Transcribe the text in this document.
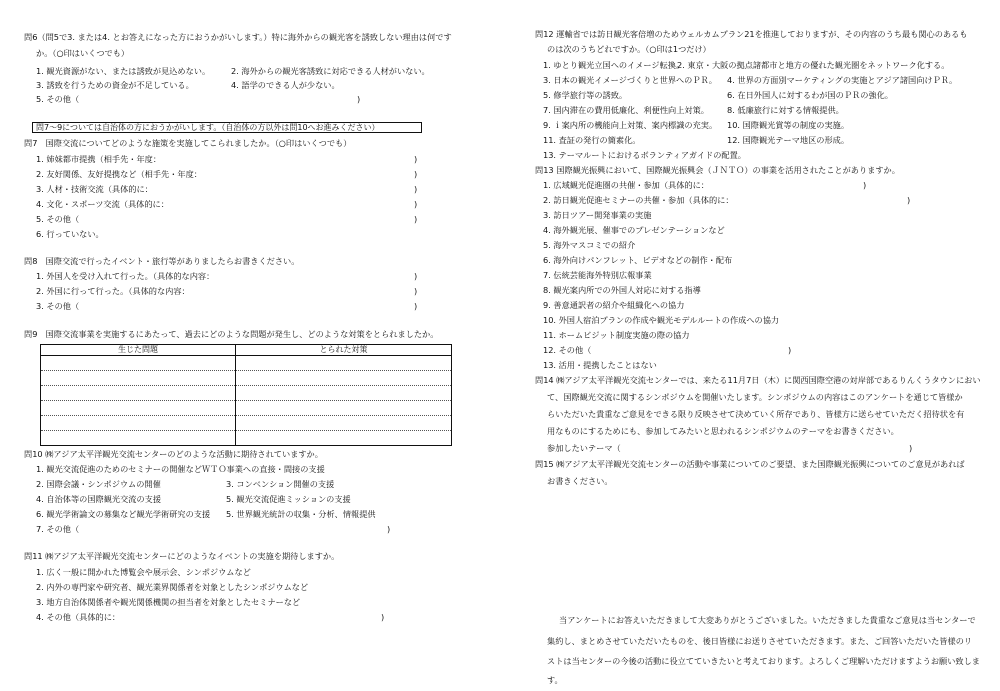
問6（問5で3. または4. とお答えになった方におうかがいします。）特に海外からの観光客を誘致しない理由は何です
か。（○印はいくつでも）
1. 観光資源がない、または誘致が見込めない。	2. 海外からの観光客誘致に対応できる人材がいない。
3. 誘致を行うための資金が不足している。	4. 語学のできる人が少ない。
5. その他（	)
問7～9については自治体の方におうかがいします。（自治体の方以外は問10へお進みください）
問7　国際交流についてどのような施策を実施してこられましたか。（○印はいくつでも）
1. 姉妹都市提携（相手先・年度：	)
2. 友好関係、友好提携など（相手先・年度：	)
3. 人材・技術交流（具体的に：	)
4. 文化・スポーツ交流（具体的に：	)
5. その他（	)
6. 行っていない。
問8　国際交流で行ったイベント・旅行等がありましたらお書きください。
1. 外国人を受け入れて行った。（具体的な内容：	)
2. 外国に行って行った。（具体的な内容：	)
3. その他（	)
問9　国際交流事業を実施するにあたって、過去にどのような問題が発生し、どのような対策をとられましたか。
生じた問題	とられた対策

問10 ㈱アジア太平洋観光交流センターのどのような活動に期待されていますか。
1. 観光交流促進のためのセミナーの開催などＷＴＯ事業への直接・間接の支援
2. 国際会議・シンポジウムの開催	3. コンベンション開催の支援
4. 自治体等の国際観光交流の支援	5. 観光交流促進ミッションの支援
6. 観光学術論文の募集など観光学術研究の支援 5. 世界観光統計の収集・分析、情報提供
7. その他（	)
問11 ㈱アジア太平洋観光交流センターにどのようなイベントの実施を期待しますか。
1. 広く一般に開かれた博覧会や展示会、シンポジウムなど
2. 内外の専門家や研究者、観光業界関係者を対象としたシンポジウムなど
3. 地方自治体関係者や観光関係機関の担当者を対象としたセミナーなど
4. その他（具体的に：	)
問12 運輸省では訪日観光客倍増のためウェルカムプラン21を推進しておりますが、その内容のうち最も関心のあるも
のは次のうちどれですか。（○印は1つだけ）
1. ゆとり観光立国へのイメージ転換。
2. 東京・大阪の拠点諸都市と地方の優れた観光圏をネットワーク化する。
3. 日本の観光イメージづくりと世界へのＰＲ。 4. 世界の方面別マーケティングの実施とアジア諸国向けＰＲ。
5. 修学旅行等の誘致。	6. 在日外国人に対するわが国のＰＲの強化。
7. 国内滞在の費用低廉化、利便性向上対策。 8. 低廉旅行に対する情報提供。
9. ｉ案内所の機能向上対策、案内標識の充実。 10. 国際観光賞等の制度の実施。
11. 査証の発行の簡素化。	12. 国際観光テーマ地区の形成。
13. テーマルートにおけるボランティアガイドの配置。
問13 国際観光振興において、国際観光振興会（ＪＮＴＯ）の事業を活用されたことがありますか。
1. 広域観光促進圏の共催・参加（具体的に：	)
2. 訪日観光促進セミナーの共催・参加（具体的に：	)
3. 訪日ツアー開発事業の実施
4. 海外観光展、催事でのプレゼンテーションなど
5. 海外マスコミでの紹介
6. 海外向けパンフレット、ビデオなどの制作・配布
7. 伝統芸能海外特別広報事業
8. 観光案内所での外国人対応に対する指導
9. 善意通訳者の紹介や組織化への協力
10. 外国人宿泊プランの作成や観光モデルルートの作成への協力
11. ホームビジット制度実施の際の協力
12. その他（	)
13. 活用・提携したことはない
問14 ㈱アジア太平洋観光交流センターでは、来たる11月7日（木）に関西国際空港の対岸部であるりんくうタウンにおい
て、国際観光交流に関するシンポジウムを開催いたします。シンポジウムの内容はこのアンケートを通じて皆様か
らいただいた貴重なご意見をできる限り反映させて決めていく所存であり、皆様方に送らせていただく招待状を有
用なものにするためにも、参加してみたいと思われるシンポジウムのテーマをお書きください。
参加したいテーマ（	)
問15 ㈱アジア太平洋観光交流センターの活動や事業についてのご要望、また国際観光振興についてのご意見があれば
お書きください。
当アンケートにお答えいただきまして大変ありがとうございました。いただきました貴重なご意見は当センターで
集約し、まとめさせていただいたものを、後日皆様にお送りさせていただきます。また、ご回答いただいた皆様のリ
ストは当センターの今後の活動に役立てていきたいと考えております。よろしくご理解いただけますようお願い致しま
す。
